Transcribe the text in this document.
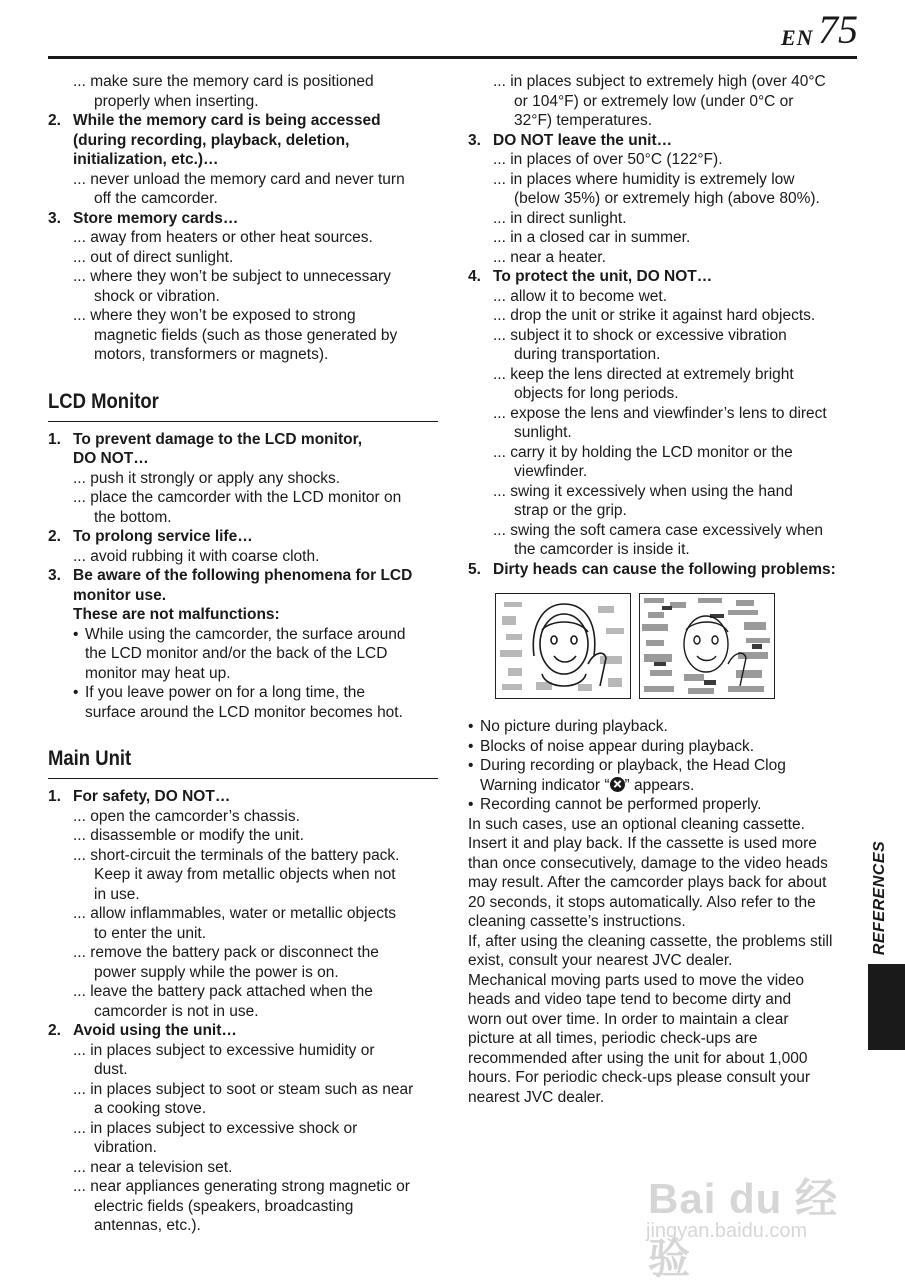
EN 75
... make sure the memory card is positioned
properly when inserting.
2. While the memory card is being accessed
(during recording, playback, deletion,
initialization, etc.)…
... never unload the memory card and never turn
off the camcorder.
3. Store memory cards…
... away from heaters or other heat sources.
... out of direct sunlight.
... where they won’t be subject to unnecessary
shock or vibration.
... where they won’t be exposed to strong
magnetic fields (such as those generated by
motors, transformers or magnets).
LCD Monitor
1. To prevent damage to the LCD monitor,
DO NOT…
... push it strongly or apply any shocks.
... place the camcorder with the LCD monitor on
the bottom.
2. To prolong service life…
... avoid rubbing it with coarse cloth.
3. Be aware of the following phenomena for LCD
monitor use.
These are not malfunctions:
• While using the camcorder, the surface around
the LCD monitor and/or the back of the LCD
monitor may heat up.
• If you leave power on for a long time, the
surface around the LCD monitor becomes hot.
Main Unit
1. For safety, DO NOT…
... open the camcorder’s chassis.
... disassemble or modify the unit.
... short-circuit the terminals of the battery pack.
Keep it away from metallic objects when not
in use.
... allow inflammables, water or metallic objects
to enter the unit.
... remove the battery pack or disconnect the
power supply while the power is on.
... leave the battery pack attached when the
camcorder is not in use.
2. Avoid using the unit…
... in places subject to excessive humidity or
dust.
... in places subject to soot or steam such as near
a cooking stove.
... in places subject to excessive shock or
vibration.
... near a television set.
... near appliances generating strong magnetic or
electric fields (speakers, broadcasting
antennas, etc.).
... in places subject to extremely high (over 40°C
or 104°F) or extremely low (under 0°C or
32°F) temperatures.
3. DO NOT leave the unit…
... in places of over 50°C (122°F).
... in places where humidity is extremely low
(below 35%) or extremely high (above 80%).
... in direct sunlight.
... in a closed car in summer.
... near a heater.
4. To protect the unit, DO NOT…
... allow it to become wet.
... drop the unit or strike it against hard objects.
... subject it to shock or excessive vibration
during transportation.
... keep the lens directed at extremely bright
objects for long periods.
... expose the lens and viewfinder’s lens to direct
sunlight.
... carry it by holding the LCD monitor or the
viewfinder.
... swing it excessively when using the hand
strap or the grip.
... swing the soft camera case excessively when
the camcorder is inside it.
5. Dirty heads can cause the following problems:
• No picture during playback.
• Blocks of noise appear during playback.
• During recording or playback, the Head Clog
Warning indicator “ ” appears.
• Recording cannot be performed properly.
In such cases, use an optional cleaning cassette.
Insert it and play back. If the cassette is used more
than once consecutively, damage to the video heads
may result. After the camcorder plays back for about
20 seconds, it stops automatically. Also refer to the
cleaning cassette’s instructions.
If, after using the cleaning cassette, the problems still
exist, consult your nearest JVC dealer.
Mechanical moving parts used to move the video
heads and video tape tend to become dirty and
worn out over time. In order to maintain a clear
picture at all times, periodic check-ups are
recommended after using the unit for about 1,000
hours. For periodic check-ups please consult your
nearest JVC dealer.
REFERENCES
Bai du 经验
jingyan.baidu.com
